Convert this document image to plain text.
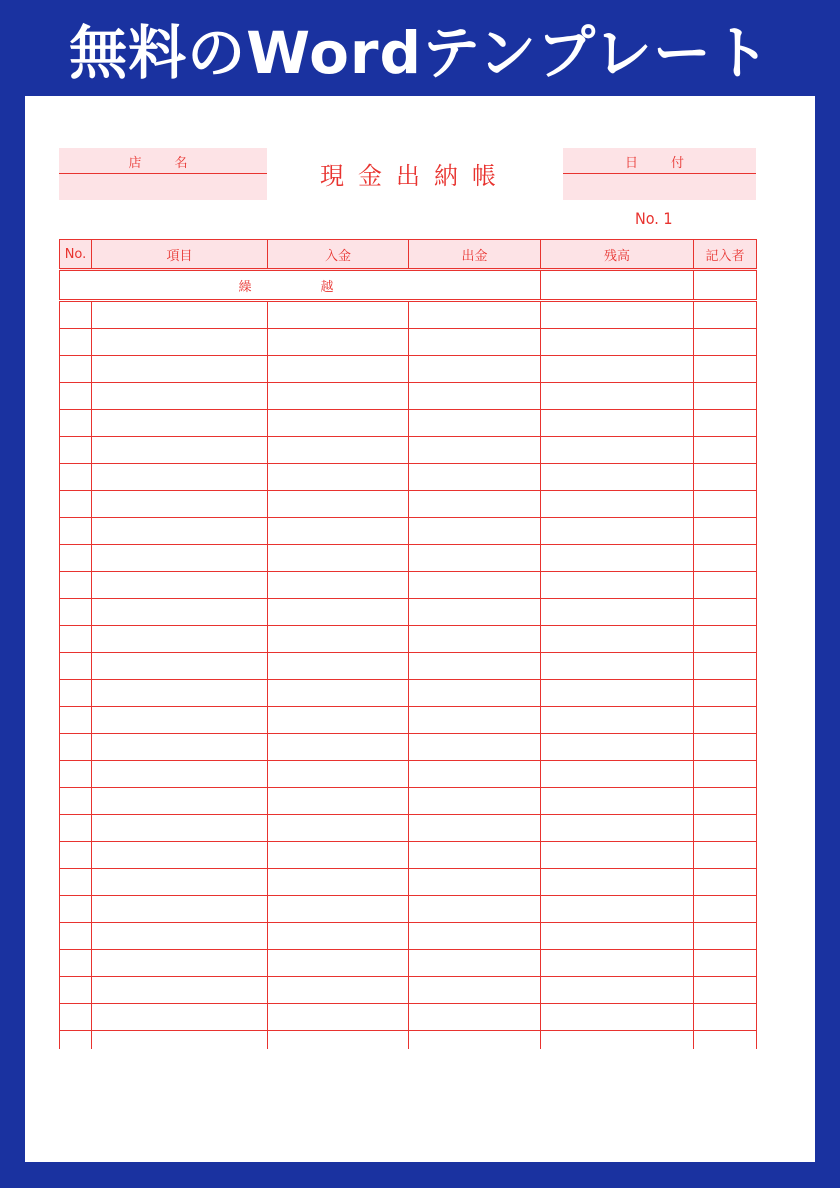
無料のWordテンプレート
店　名	現金出納帳	日　付
No. 1
No.	項目	入金	出金	残高	記入者
繰　越					
